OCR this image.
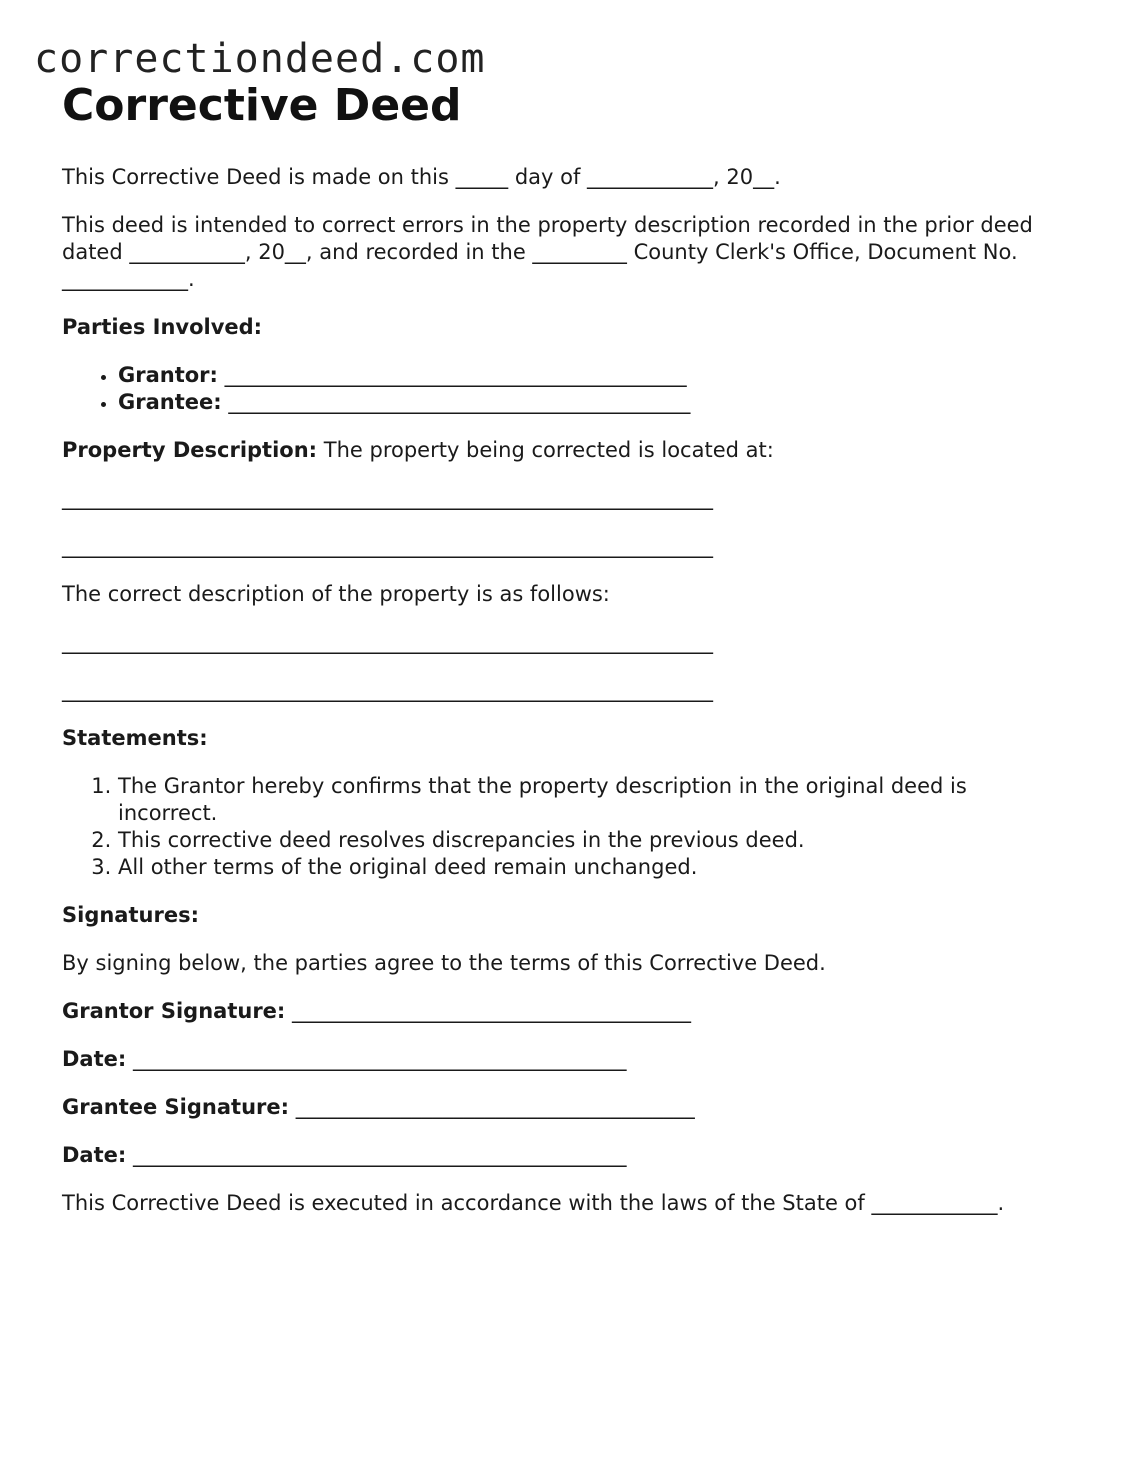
correctiondeed.com
Corrective Deed

This Corrective Deed is made on this _____ day of ____________, 20__.

This deed is intended to correct errors in the property description recorded in the prior deed dated ___________, 20__, and recorded in the _________ County Clerk's Office, Document No. ____________.

Parties Involved:

• Grantor: ____________________________________________
• Grantee: ____________________________________________

Property Description: The property being corrected is located at:

______________________________________________________________
______________________________________________________________

The correct description of the property is as follows:

______________________________________________________________
______________________________________________________________

Statements:

1. The Grantor hereby confirms that the property description in the original deed is incorrect.
2. This corrective deed resolves discrepancies in the previous deed.
3. All other terms of the original deed remain unchanged.

Signatures:

By signing below, the parties agree to the terms of this Corrective Deed.

Grantor Signature: ______________________________________

Date: _______________________________________________

Grantee Signature: ______________________________________

Date: _______________________________________________

This Corrective Deed is executed in accordance with the laws of the State of ____________.
